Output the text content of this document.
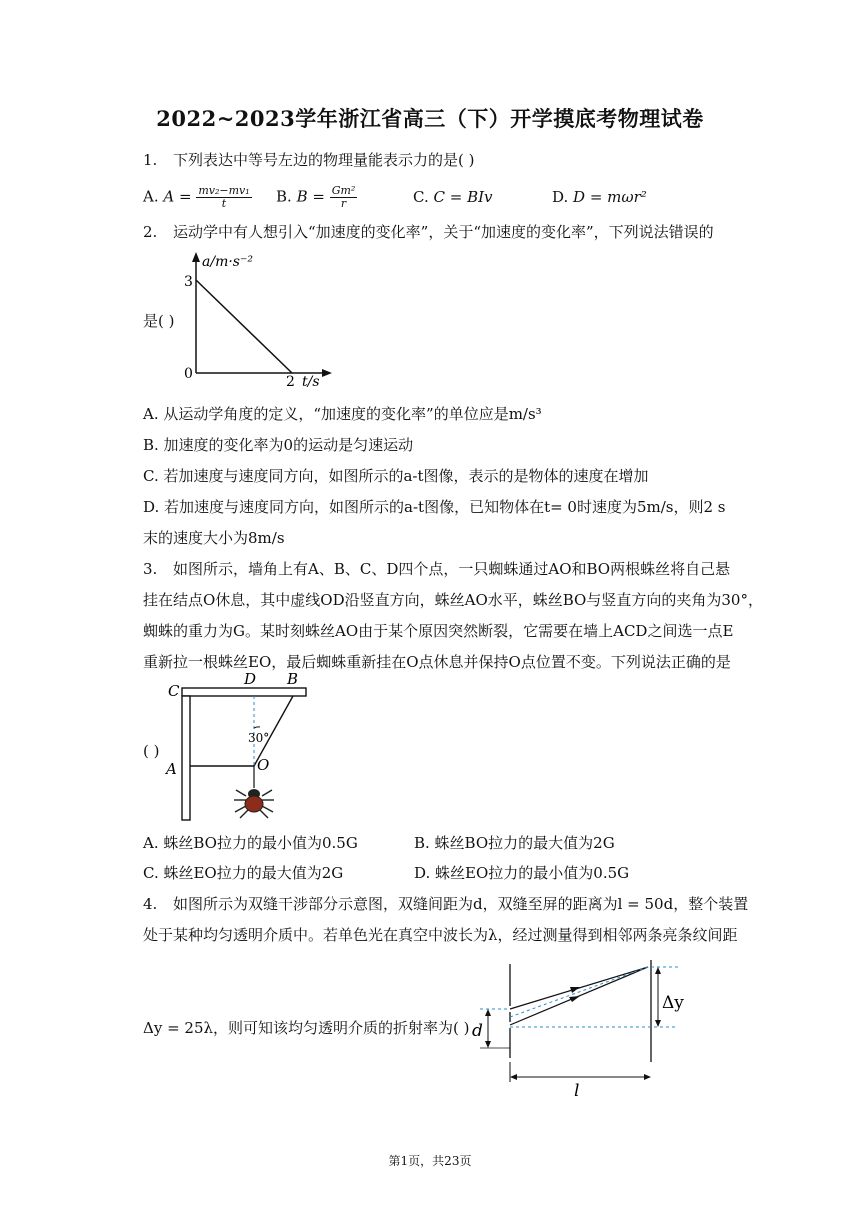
2022~2023学年浙江省高三（下）开学摸底考物理试卷
1. 下列表达中等号左边的物理量能表示力的是( )
A. $A = \frac{\text{mv₂−mv₁}}{t} B$. $B = \frac{\text{Gm²}}{r}$	C. C = BIv	D. D = mωr²
2. 运动学中有人想引入“加速度的变化率”，关于“加速度的变化率”，下列说法错误的
是( )
a/m·s⁻²
3
0	2 t/s
A. 从运动学角度的定义，“加速度的变化率”的单位应是m/s³
B. 加速度的变化率为0的运动是匀速运动
C. 若加速度与速度同方向，如图所示的a-t图像，表示的是物体的速度在增加
D. 若加速度与速度同方向，如图所示的a-t图像，已知物体在t= 0时速度为5m/s，则2 s
末的速度大小为8m/s
3. 如图所示，墙角上有A、B、C、D四个点，一只蜘蛛通过AO和BO两根蛛丝将自己悬
挂在结点O休息，其中虚线OD沿竖直方向，蛛丝AO水平，蛛丝BO与竖直方向的夹角为30°，
蜘蛛的重力为G。某时刻蛛丝AO由于某个原因突然断裂，它需要在墙上ACD之间选一点E
重新拉一根蛛丝EO，最后蜘蛛重新挂在O点休息并保持O点位置不变。下列说法正确的是
( )
C
D B
A	O
30°
A. 蛛丝BO拉力的最小值为0.5G	B. 蛛丝BO拉力的最大值为2G
C. 蛛丝EO拉力的最大值为2G	D. 蛛丝EO拉力的最小值为0.5G
4. 如图所示为双缝干涉部分示意图，双缝间距为d，双缝至屏的距离为l = 50d，整个装置
处于某种均匀透明介质中。若单色光在真空中波长为λ，经过测量得到相邻两条亮条纹间距
Δy = 25λ，则可知该均匀透明介质的折射率为( ) d
Δy
l
第1页，共23页
